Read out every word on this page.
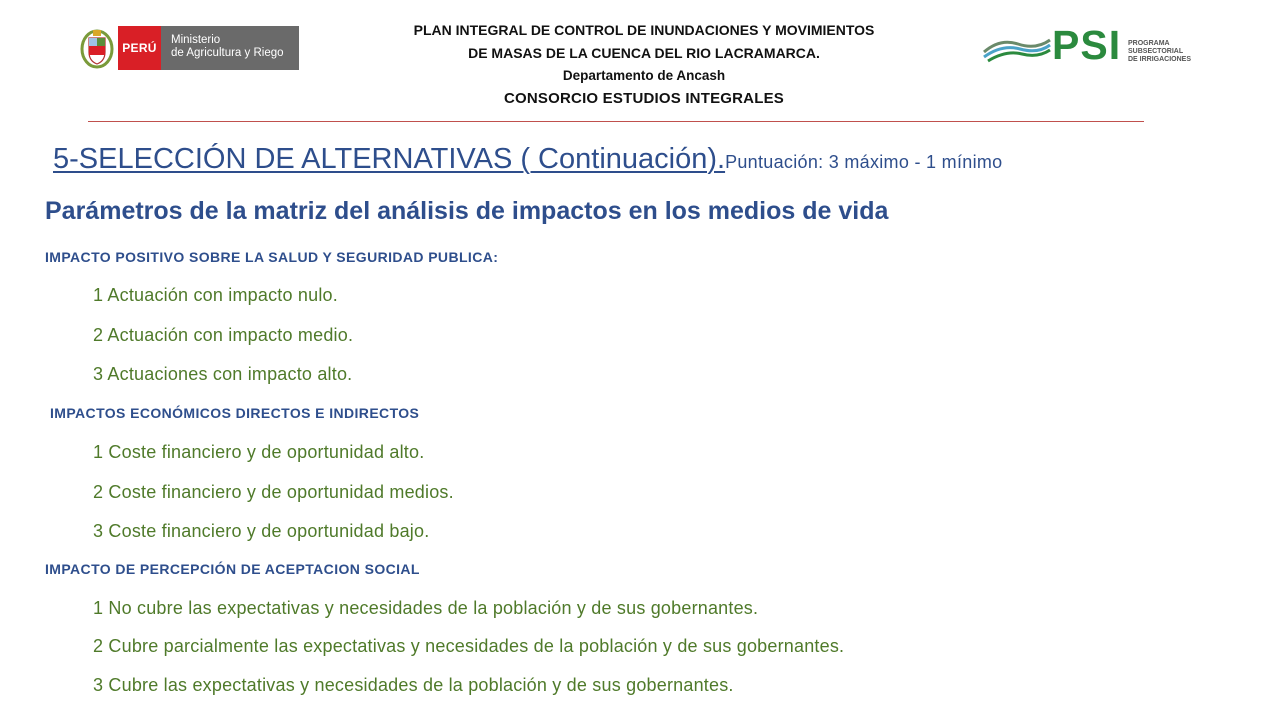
PERÚ
Ministerio
de Agricultura y Riego
PLAN INTEGRAL DE CONTROL DE INUNDACIONES Y MOVIMIENTOS
DE MASAS DE LA CUENCA DEL RIO LACRAMARCA.
Departamento de Ancash
CONSORCIO ESTUDIOS INTEGRALES
PSI PROGRAMA
SUBSECTORIAL
DE IRRIGACIONES
5-SELECCIÓN DE ALTERNATIVAS ( Continuación).Puntuación: 3 máximo - 1 mínimo
Parámetros de la matriz del análisis de impactos en los medios de vida
IMPACTO POSITIVO SOBRE LA SALUD Y SEGURIDAD PUBLICA:
1 Actuación con impacto nulo.
2 Actuación con impacto medio.
3 Actuaciones con impacto alto.
IMPACTOS ECONÓMICOS DIRECTOS E INDIRECTOS
1 Coste financiero y de oportunidad alto.
2 Coste financiero y de oportunidad medios.
3 Coste financiero y de oportunidad bajo.
IMPACTO DE PERCEPCIÓN DE ACEPTACION SOCIAL
1 No cubre las expectativas y necesidades de la población y de sus gobernantes.
2 Cubre parcialmente las expectativas y necesidades de la población y de sus gobernantes.
3 Cubre las expectativas y necesidades de la población y de sus gobernantes.
